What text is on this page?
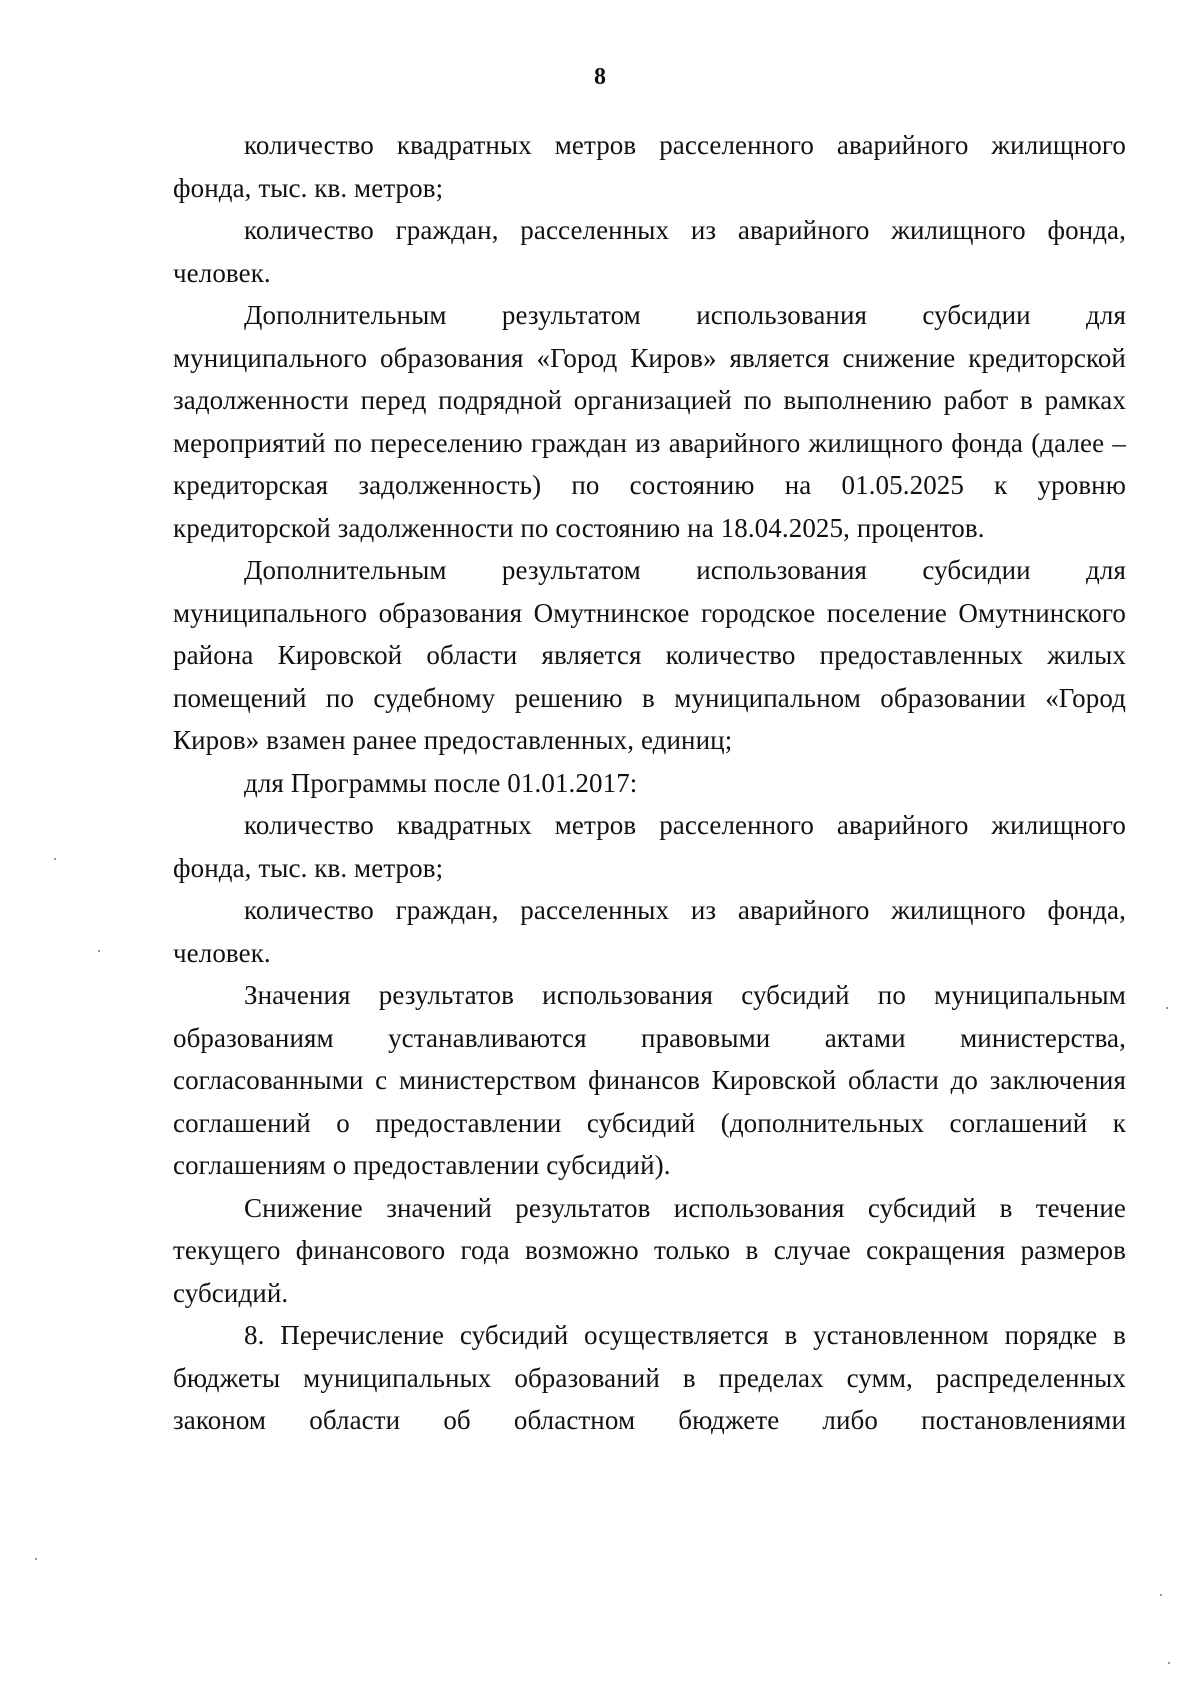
8

количество квадратных метров расселенного аварийного жилищного фонда, тыс. кв. метров;

количество граждан, расселенных из аварийного жилищного фонда, человек.

Дополнительным результатом использования субсидии для муниципального образования «Город Киров» является снижение кредиторской задолженности перед подрядной организацией по выполнению работ в рамках мероприятий по переселению граждан из аварийного жилищного фонда (далее – кредиторская задолженность) по состоянию на 01.05.2025 к уровню кредиторской задолженности по состоянию на 18.04.2025, процентов.

Дополнительным результатом использования субсидии для муниципального образования Омутнинское городское поселение Омутнинского района Кировской области является количество предоставленных жилых помещений по судебному решению в муниципальном образовании «Город Киров» взамен ранее предоставленных, единиц;

для Программы после 01.01.2017:

количество квадратных метров расселенного аварийного жилищного фонда, тыс. кв. метров;

количество граждан, расселенных из аварийного жилищного фонда, человек.

Значения результатов использования субсидий по муниципальным образованиям устанавливаются правовыми актами министерства, согласованными с министерством финансов Кировской области до заключения соглашений о предоставлении субсидий (дополнительных соглашений к соглашениям о предоставлении субсидий).

Снижение значений результатов использования субсидий в течение текущего финансового года возможно только в случае сокращения размеров субсидий.

8. Перечисление субсидий осуществляется в установленном порядке в бюджеты муниципальных образований в пределах сумм, распределенных законом области об областном бюджете либо постановлениями
